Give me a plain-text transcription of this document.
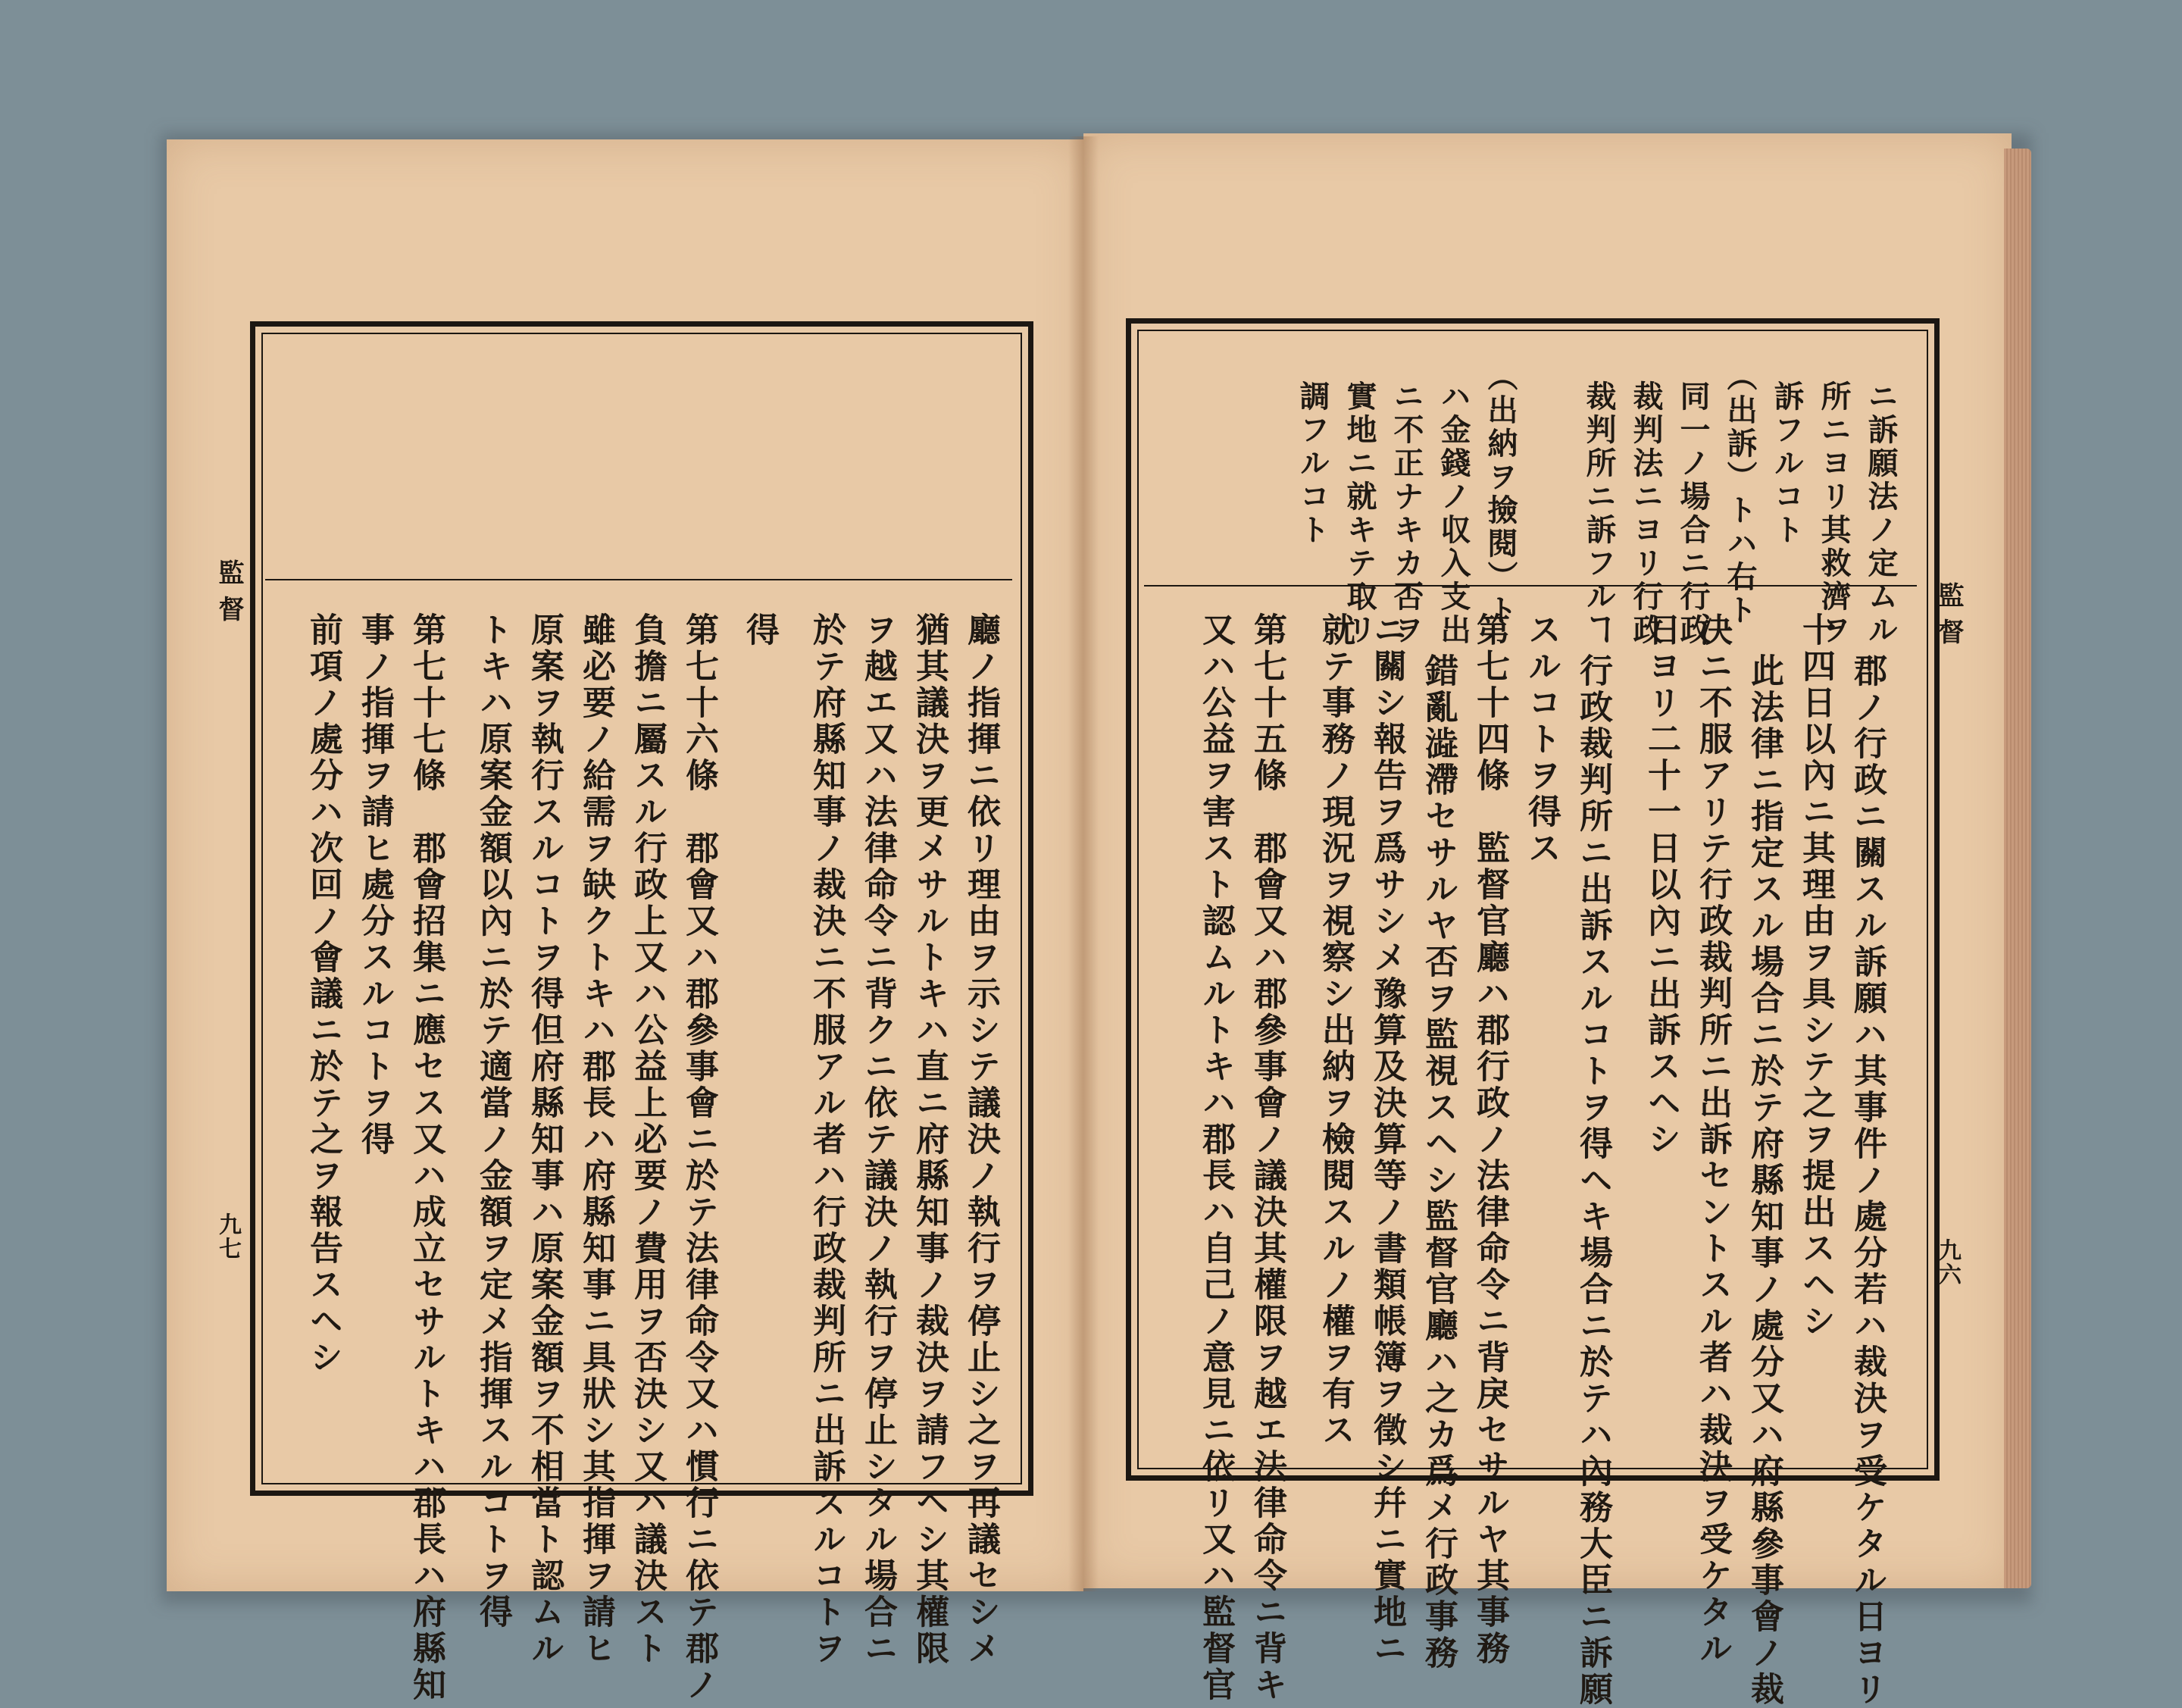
監督
九六
ニ訴願法ノ定ムル
所ニヨリ其救濟ヲ
訴フルコト
（出訴）トハ右ト
同一ノ場合ニ行政
裁判法ニヨリ行政
裁判所ニ訴フルヿ
（出納ヲ撿閱）ト
ハ金錢ノ収入支出
ニ不正ナキカ否ヲ
實地ニ就キテ取リ
調フルコト
郡ノ行政ニ關スル訴願ハ其事件ノ處分若ハ裁決ヲ受ケタル日ヨリ
十四日以內ニ其理由ヲ具シテ之ヲ提出スヘシ
此法律ニ指定スル場合ニ於テ府縣知事ノ處分又ハ府縣參事會ノ裁
決ニ不服アリテ行政裁判所ニ出訴セントスル者ハ裁決ヲ受ケタル
日ヨリ二十一日以內ニ出訴スヘシ
行政裁判所ニ出訴スルコトヲ得ヘキ場合ニ於テハ內務大臣ニ訴願
スルコトヲ得ス
第七十四條　監督官廳ハ郡行政ノ法律命令ニ背戾セサルヤ其事務
錯亂澁滯セサルヤ否ヲ監視スヘシ監督官廳ハ之カ爲メ行政事務
ニ關シ報告ヲ爲サシメ豫算及決算等ノ書類帳簿ヲ徵シ幷ニ實地ニ
就テ事務ノ現況ヲ視察シ出納ヲ檢閱スルノ權ヲ有ス
第七十五條　郡會又ハ郡參事會ノ議決其權限ヲ越エ法律命令ニ背キ
又ハ公益ヲ害スト認ムルトキハ郡長ハ自己ノ意見ニ依リ又ハ監督官
監督
九七
⠀⠀⠀⠀⠀⠀
廳ノ指揮ニ依リ理由ヲ示シテ議決ノ執行ヲ停止シ之ヲ再議セシメ
猶其議決ヲ更メサルトキハ直ニ府縣知事ノ裁決ヲ請フヘシ其權限
ヲ越エ又ハ法律命令ニ背クニ依テ議決ノ執行ヲ停止シタル場合ニ
於テ府縣知事ノ裁決ニ不服アル者ハ行政裁判所ニ出訴スルコトヲ
得
第七十六條　郡會又ハ郡參事會ニ於テ法律命令又ハ慣行ニ依テ郡ノ
負擔ニ屬スル行政上又ハ公益上必要ノ費用ヲ否決シ又ハ議決スト
雖必要ノ給需ヲ缺クトキハ郡長ハ府縣知事ニ具狀シ其指揮ヲ請ヒ
原案ヲ執行スルコトヲ得但府縣知事ハ原案金額ヲ不相當ト認ムル
トキハ原案金額以內ニ於テ適當ノ金額ヲ定メ指揮スルコトヲ得
第七十七條　郡會招集ニ應セス又ハ成立セサルトキハ郡長ハ府縣知
事ノ指揮ヲ請ヒ處分スルコトヲ得
前項ノ處分ハ次回ノ會議ニ於テ之ヲ報告スヘシ
